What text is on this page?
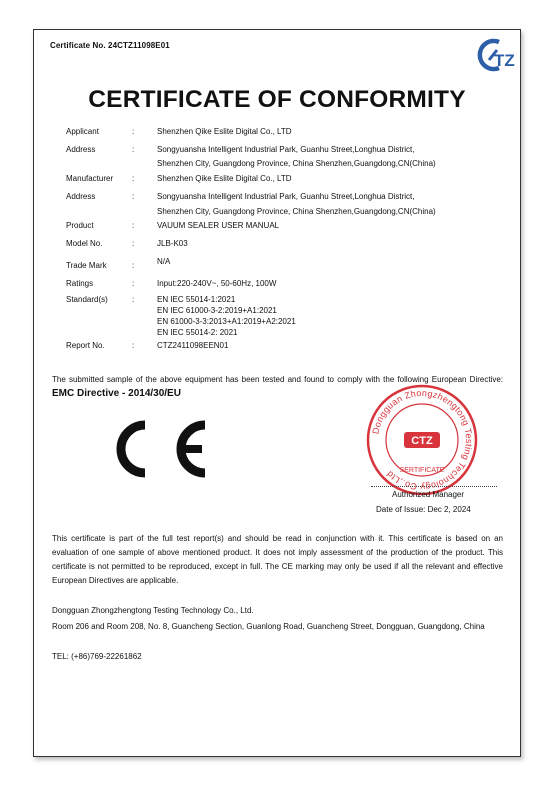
Certificate No. 24CTZ11098E01
TZ
CERTIFICATE OF CONFORMITY
Applicant	:	Shenzhen Qike Eslite Digital Co., LTD
Address	:	Songyuansha Intelligent Industrial Park, Guanhu Street,Longhua District,
Shenzhen City, Guangdong Province, China Shenzhen,Guangdong,CN(China)
Manufacturer :	Shenzhen Qike Eslite Digital Co., LTD
Address	:	Songyuansha Intelligent Industrial Park, Guanhu Street,Longhua District,
Shenzhen City, Guangdong Province, China Shenzhen,Guangdong,CN(China)
Product	:	VAUUM SEALER USER MANUAL
Model No.	:	JLB-K03
Trade Mark	:	N/A
Ratings	:	Input:220-240V~, 50-60Hz, 100W
Standard(s)	:	EN IEC 55014-1:2021
EN IEC 61000-3-2:2019+A1:2021
EN 61000-3-3:2013+A1:2019+A2:2021
EN IEC 55014-2: 2021
Report No.	:	CTZ2411098EEN01
The submitted sample of the above equipment has been tested and found to comply with the following European Directive: EMC Directive - 2014/30/EU
Dongguan Zhongzhengtong Testing Technology Co.,Ltd
CTZ
SERTIFICATE
Authorized Manager
Date of Issue: Dec 2, 2024
This certificate is part of the full test report(s) and should be read in conjunction with it. This certificate is based on an evaluation of one sample of above mentioned product. It does not imply assessment of the production of the product. This certificate is not permitted to be reproduced, except in full. The CE marking may only be used if all the relevant and effective European Directives are applicable.
Dongguan Zhongzhengtong Testing Technology Co., Ltd.
Room 206 and Room 208, No. 8, Guancheng Section, Guanlong Road, Guancheng Street, Dongguan, Guangdong, China
TEL: (+86)769-22261862
